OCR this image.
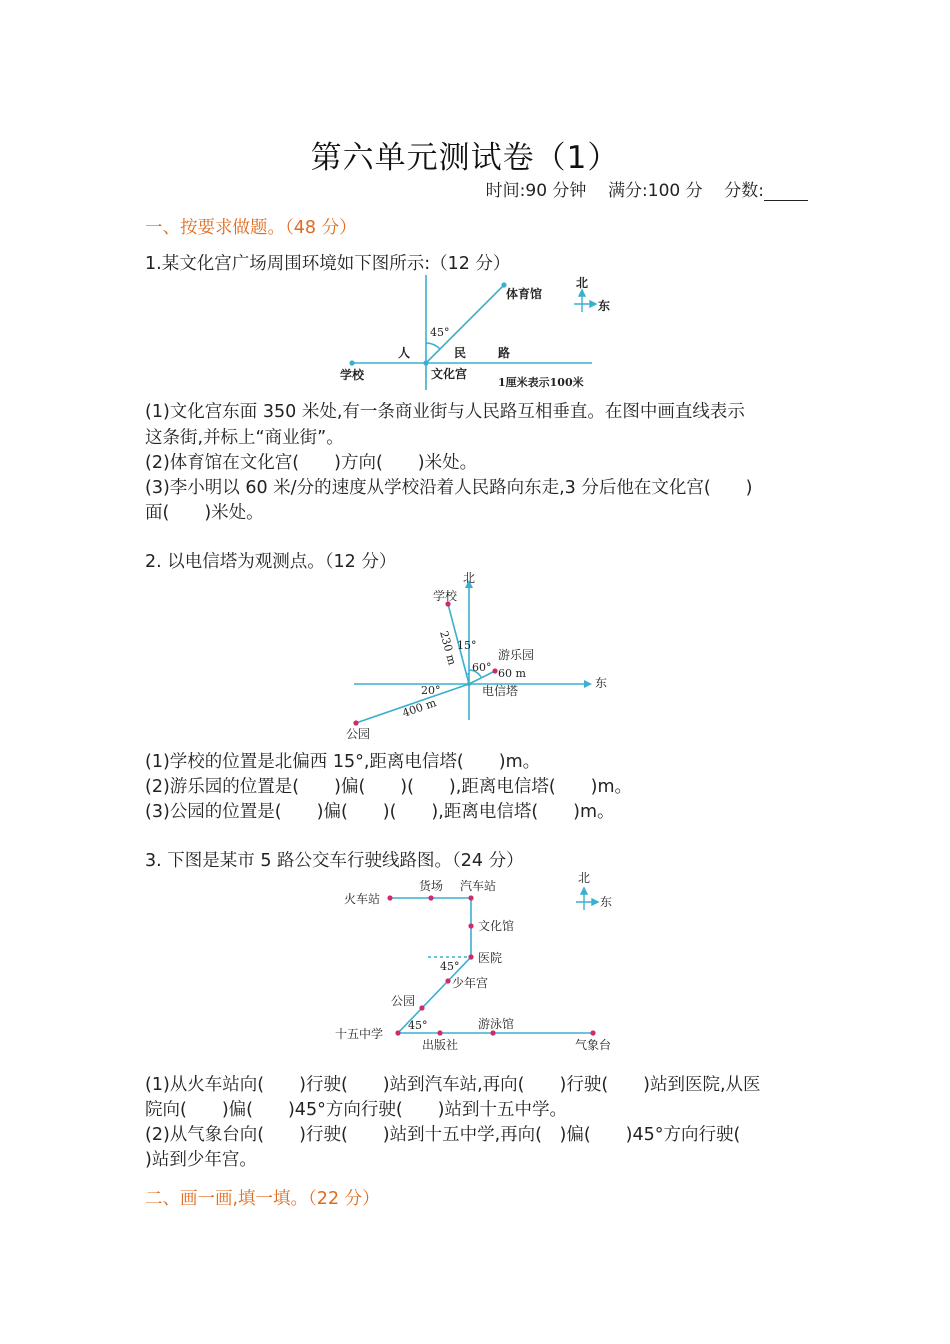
第六单元测试卷（1）
时间:90 分钟 满分:100 分 分数:
一、按要求做题。（48 分）
1.某文化宫广场周围环境如下图所示:（12 分）
体育馆
北
东
45°
人	民	路
学校	文化宫
1厘米表示100米
(1)文化宫东面 350 米处,有一条商业街与人民路互相垂直。在图中画直线表示
这条街,并标上“商业街”。
(2)体育馆在文化宫(　　)方向(　　)米处。
(3)李小明以 60 米/分的速度从学校沿着人民路向东走,3 分后他在文化宫(　　)
面(　　)米处。
2. 以电信塔为观测点。（12 分）
北
东
学校
230 m
15°
60°
游乐园
60 m
电信塔
20°
400 m
公园
(1)学校的位置是北偏西 15°,距离电信塔(　　)m。
(2)游乐园的位置是(　　)偏(　　)(　　),距离电信塔(　　)m。
(3)公园的位置是(　　)偏(　　)(　　),距离电信塔(　　)m。
3. 下图是某市 5 路公交车行驶线路图。（24 分）
北
东
火车站
货场 汽车站
文化馆
医院
45°
少年宫
公园
十五中学
45°
出版社
游泳馆
气象台
(1)从火车站向(　　)行驶(　　)站到汽车站,再向(　　)行驶(　　)站到医院,从医
院向(　　)偏(　　)45°方向行驶(　　)站到十五中学。
(2)从气象台向(　　)行驶(　　)站到十五中学,再向(　)偏(　　)45°方向行驶(
)站到少年宫。
二、画一画,填一填。（22 分）
